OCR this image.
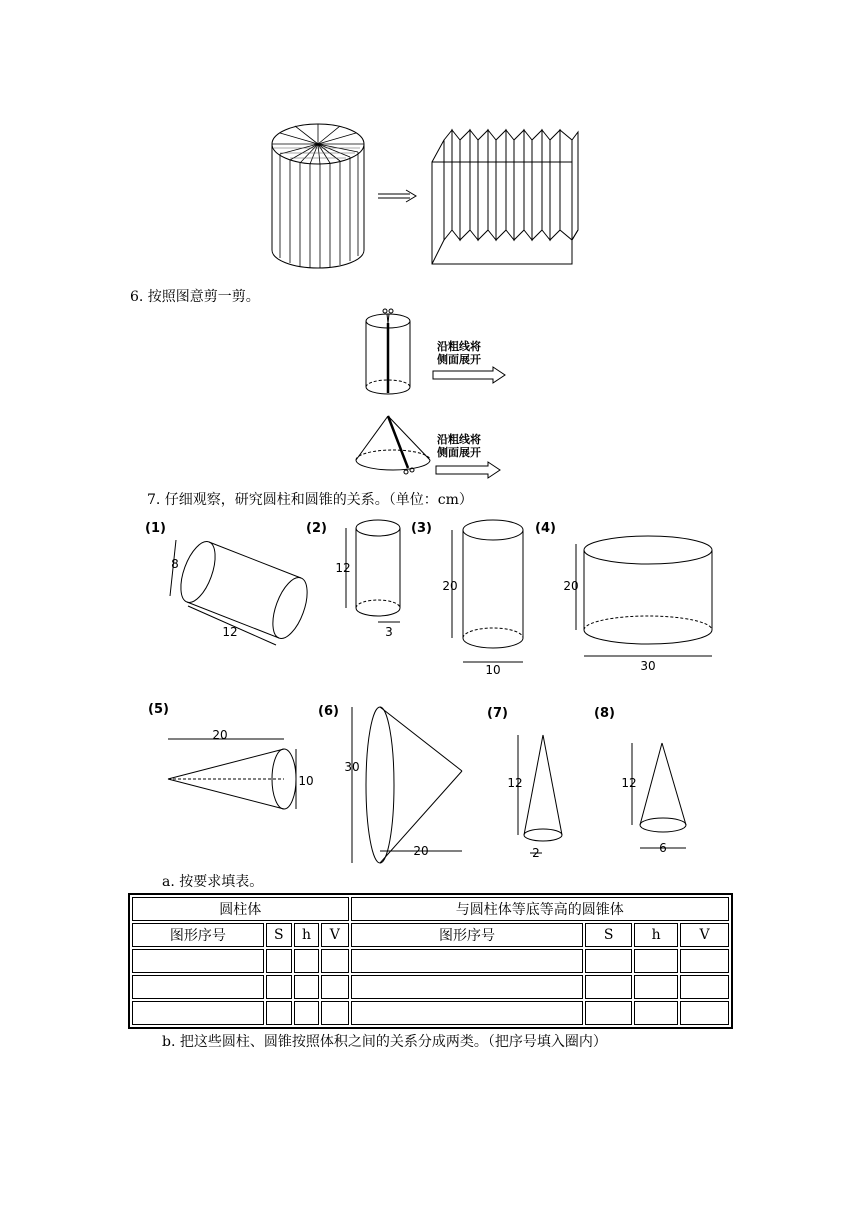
6. 按照图意剪一剪。
沿粗线将
侧面展开
沿粗线将
侧面展开
7. 仔细观察，研究圆柱和圆锥的关系。（单位：cm）
(1)	(2)	(3)	(4)
8
12
12
3
20
10
20
30
(5)	(6)	(7)	(8)
20
10
30
20
12
2
12
6
a. 按要求填表。
圆柱体				与圆柱体等底等高的圆锥体			
图形序号	S	h	V	图形序号	S	h	V

b. 把这些圆柱、圆锥按照体积之间的关系分成两类。（把序号填入圈内）
